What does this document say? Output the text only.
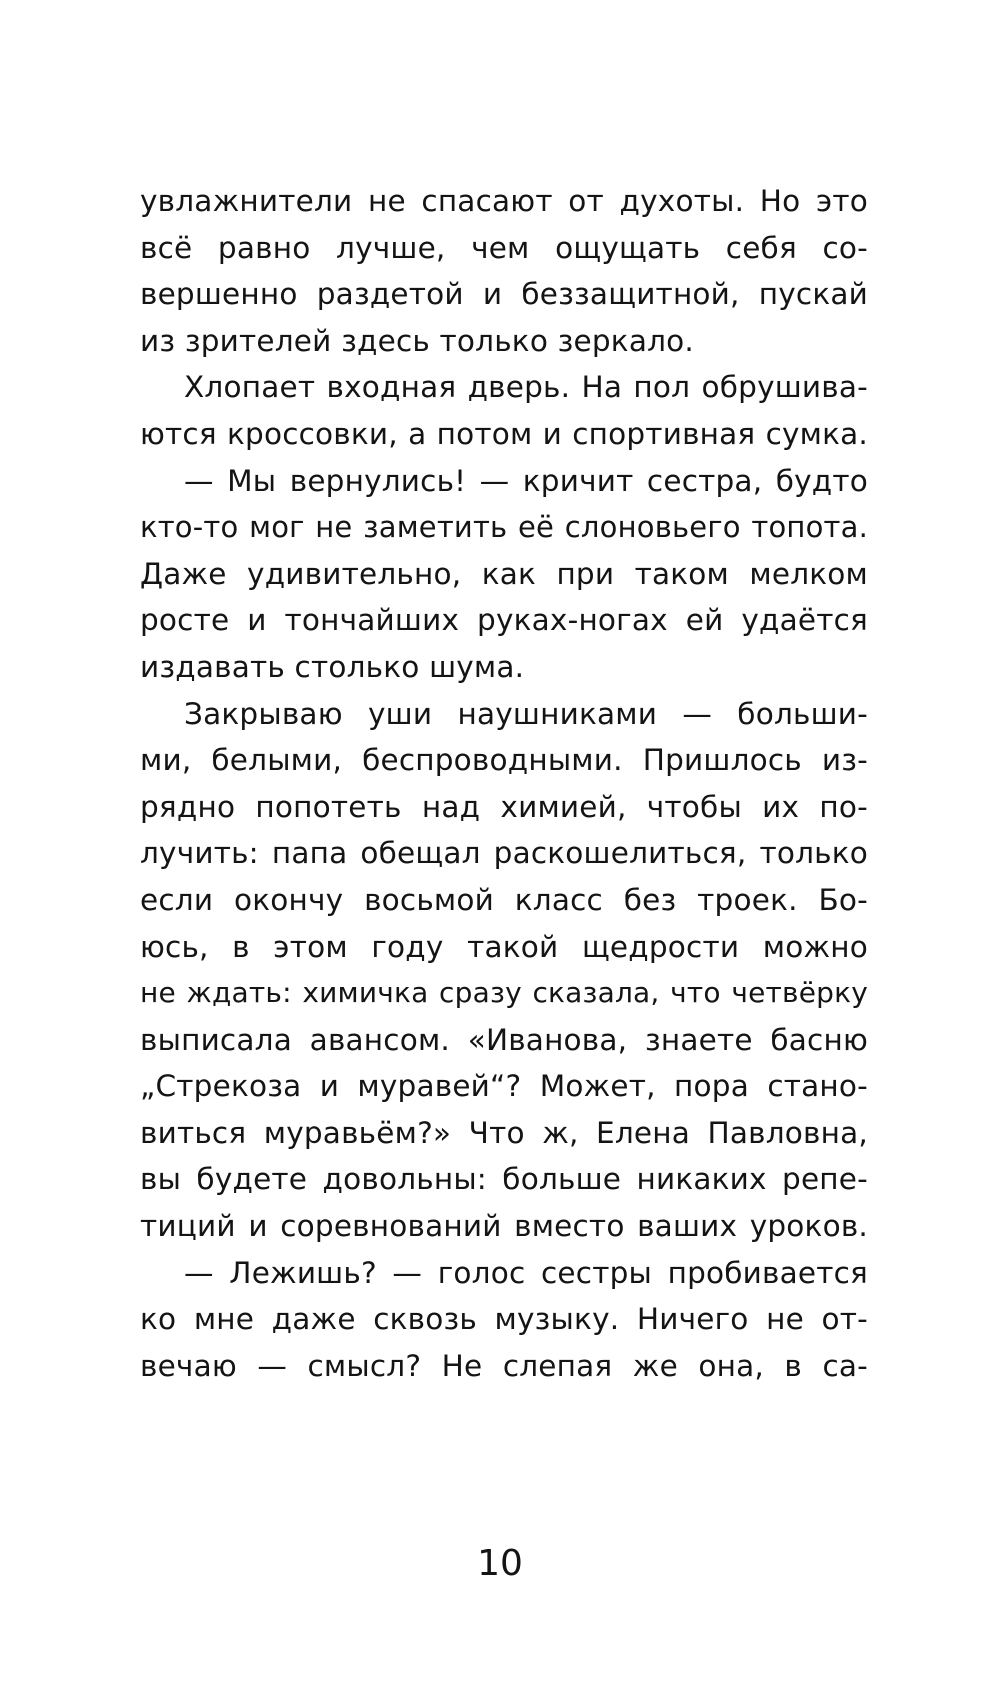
увлажнители не спасают от духоты. Но это
всё равно лучше, чем ощущать себя со-
вершенно раздетой и беззащитной, пускай
из зрителей здесь только зеркало.
Хлопает входная дверь. На пол обрушива-
ются кроссовки, а потом и спортивная сумка.
— Мы вернулись! — кричит сестра, будто
кто-то мог не заметить её слоновьего топота.
Даже удивительно, как при таком мелком
росте и тончайших руках-ногах ей удаётся
издавать столько шума.
Закрываю уши наушниками — больши-
ми, белыми, беспроводными. Пришлось из-
рядно попотеть над химией, чтобы их по-
лучить: папа обещал раскошелиться, только
если окончу восьмой класс без троек. Бо-
юсь, в этом году такой щедрости можно
не ждать: химичка сразу сказала, что четвёрку
выписала авансом. «Иванова, знаете басню
„Стрекоза и муравей“? Может, пора стано-
виться муравьём?» Что ж, Елена Павловна,
вы будете довольны: больше никаких репе-
тиций и соревнований вместо ваших уроков.
— Лежишь? — голос сестры пробивается
ко мне даже сквозь музыку. Ничего не от-
вечаю — смысл? Не слепая же она, в са-
10
